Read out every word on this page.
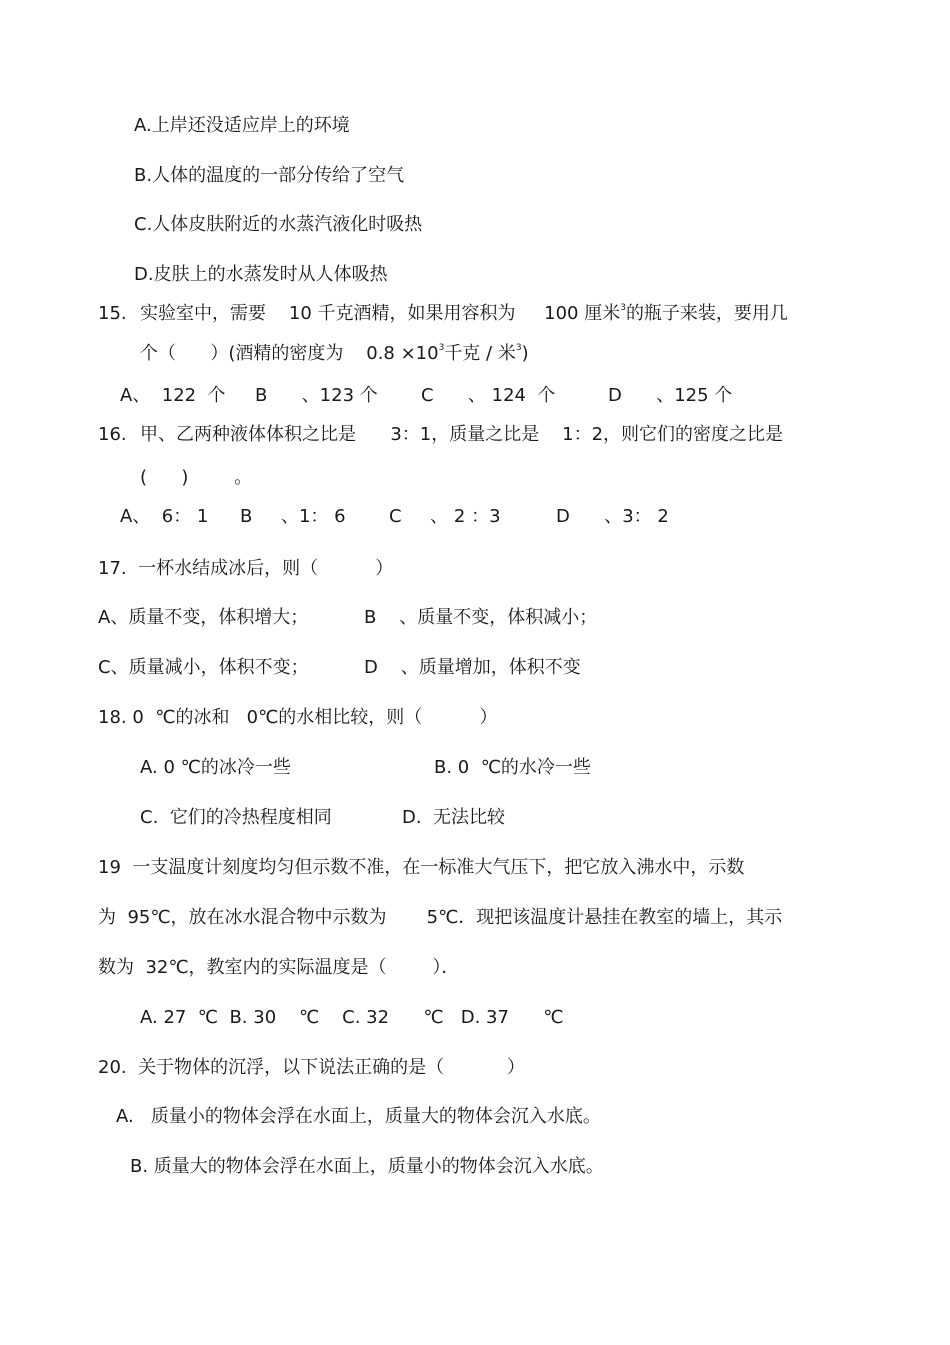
A.上岸还没适应岸上的环境
B.人体的温度的一部分传给了空气
C.人体皮肤附近的水蒸汽液化时吸热
D.皮肤上的水蒸发时从人体吸热
15. 实验室中，需要    10 千克酒精，如果用容积为     100 厘米$^3$的瓶子来装，要用几
个（      ）(酒精的密度为    $0.8 \times 10^3$千克 / 米$^3$)
A、  122  个 B      、123 个 C      、 124  个	D      、125 个
16. 甲、乙两种液体体积之比是      3：1，质量之比是    1：2，则它们的密度之比是
(      )        。
A、  6： 1 B     、1： 6 C     、 2 ：3	D      、3： 2
17.  一杯水结成冰后，则（          ）
A、质量不变，体积增大；	B    、质量不变，体积减小；
C、质量减小，体积不变；	D    、质量增加，体积不变
18. 0  ℃的冰和   0℃的水相比较，则（          ）
A. 0 ℃的冰冷一些	B. 0  ℃的水冷一些
C.  它们的冷热程度相同	D.  无法比较
19  一支温度计刻度均匀但示数不准，在一标准大气压下，把它放入沸水中，示数
为  95℃，放在冰水混合物中示数为       5℃．现把该温度计悬挂在教室的墙上，其示
数为  32℃，教室内的实际温度是（        ）．
A. 27  ℃  B. 30    ℃    C. 32      ℃   D. 37      ℃
20.  关于物体的沉浮，以下说法正确的是（           ）
A.   质量小的物体会浮在水面上，质量大的物体会沉入水底。
B. 质量大的物体会浮在水面上，质量小的物体会沉入水底。
